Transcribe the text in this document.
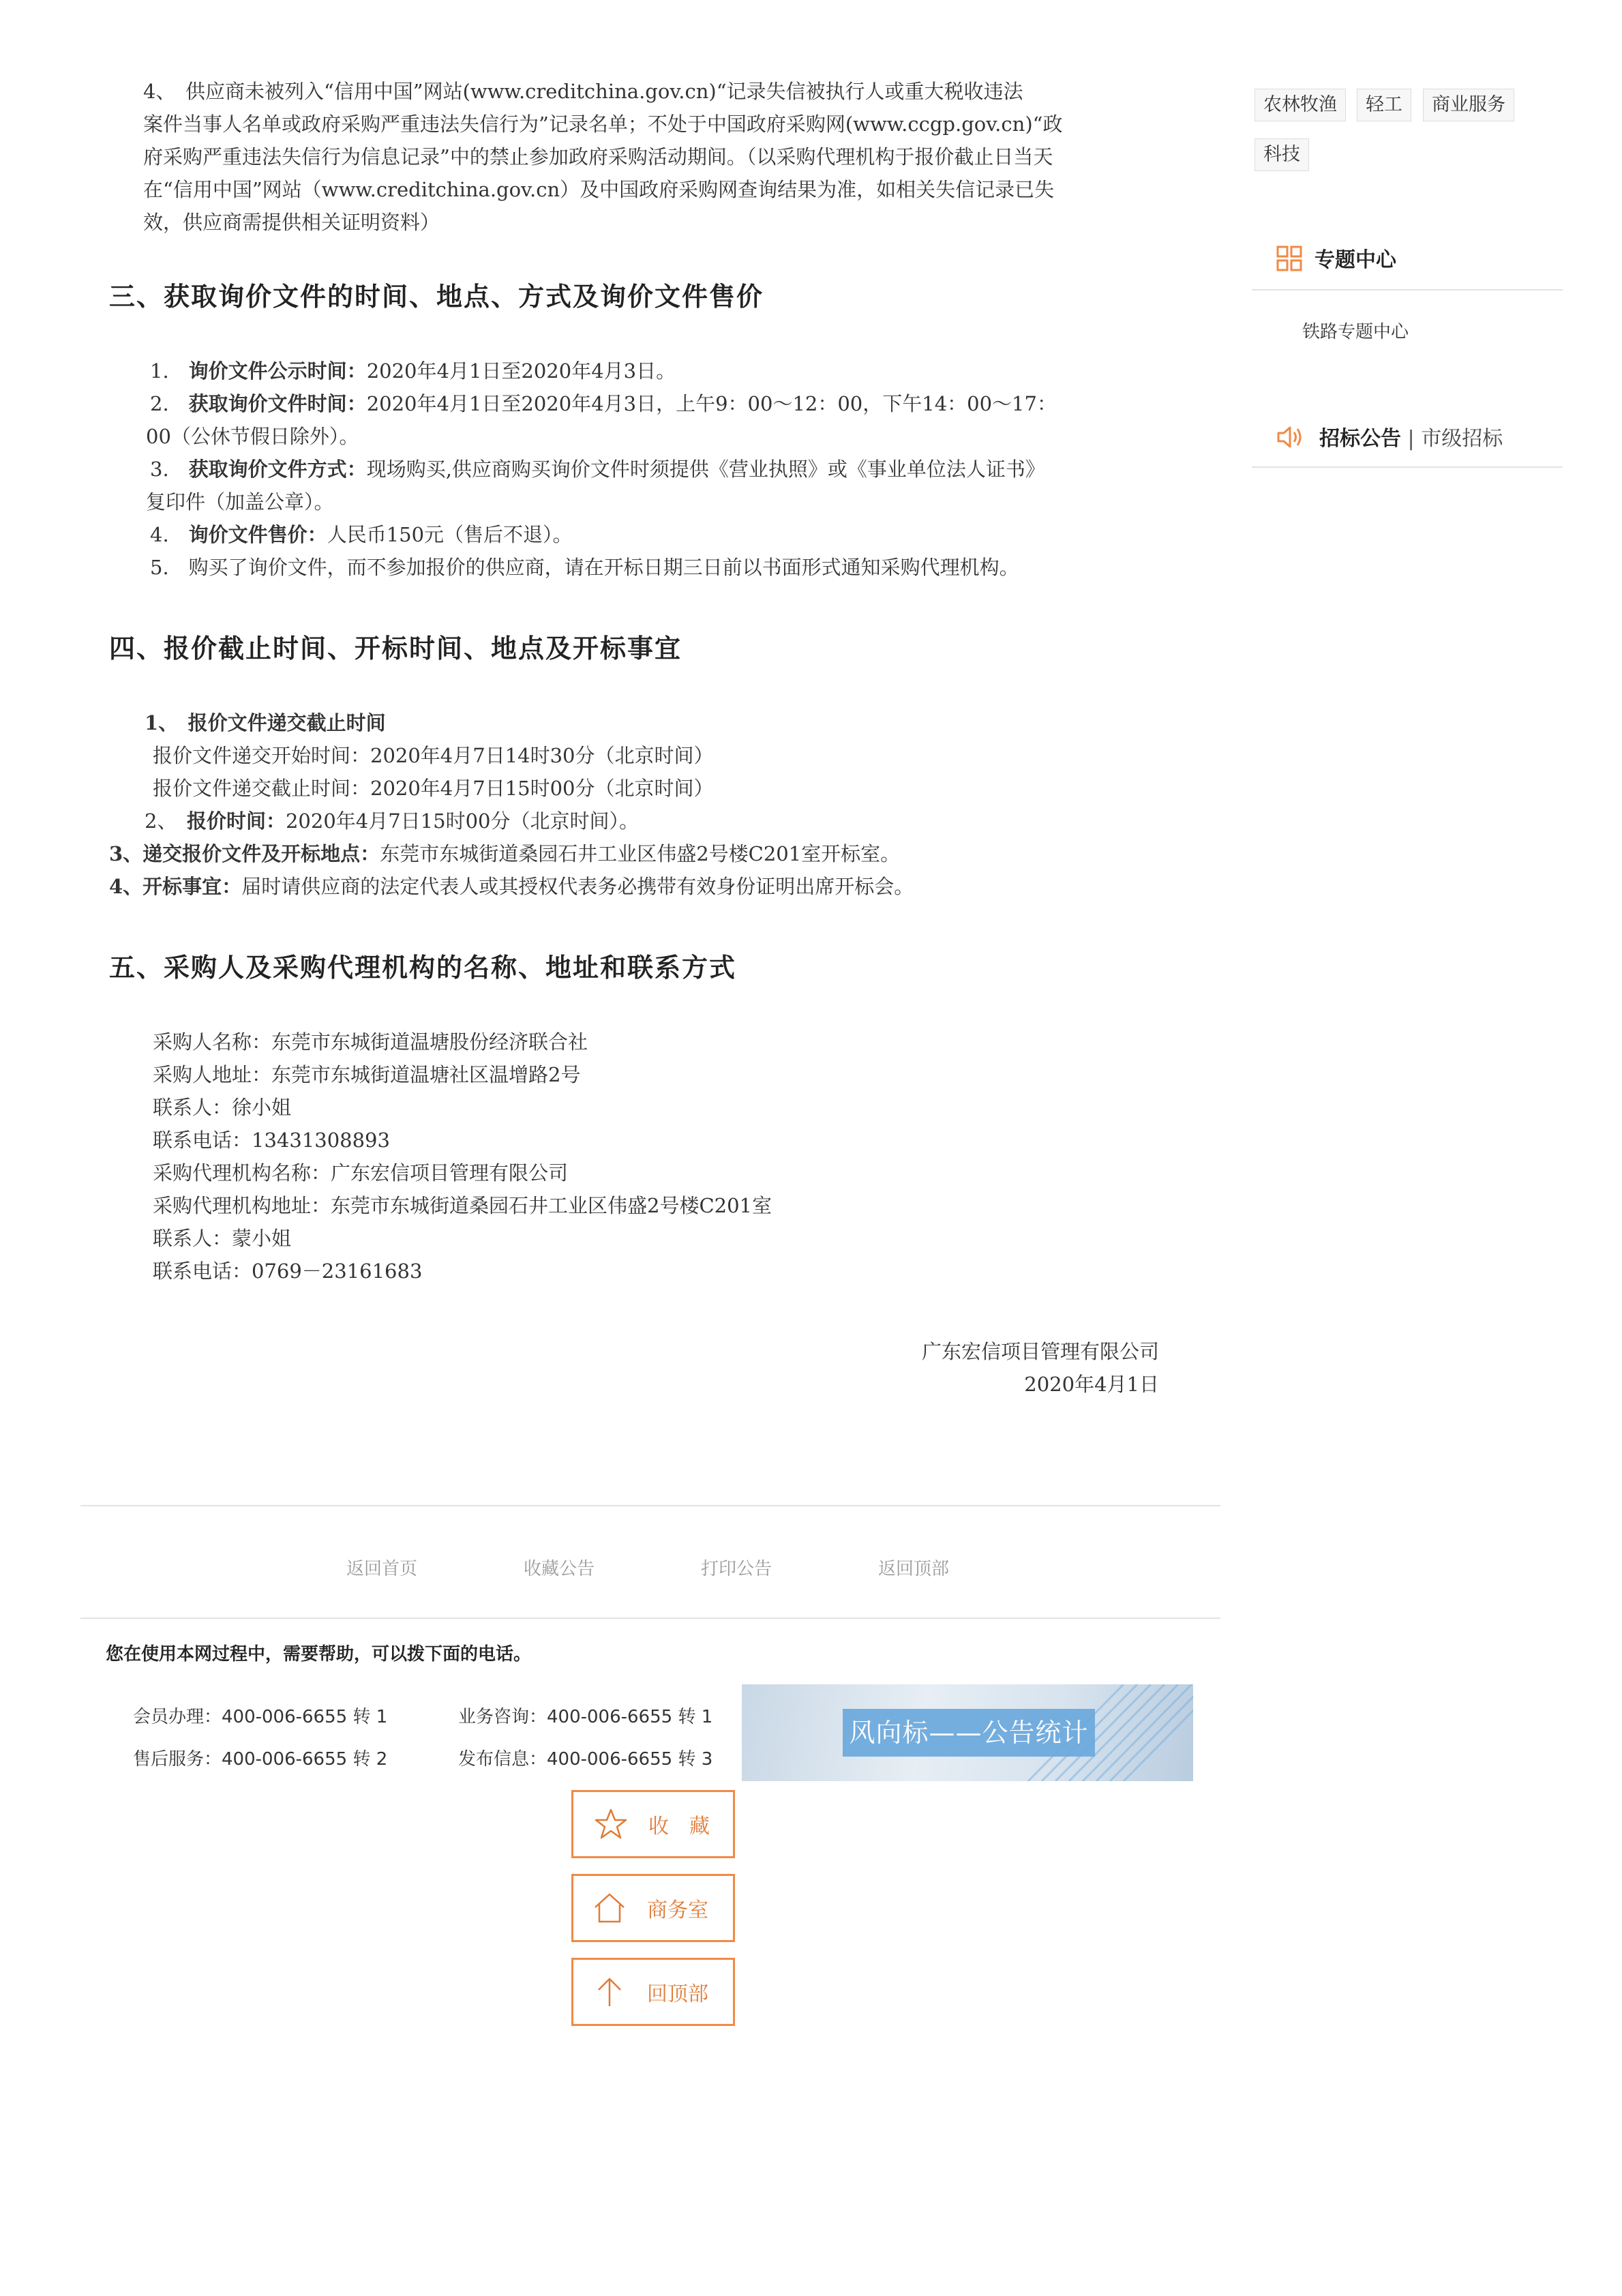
4、　供应商未被列入“信用中国”网站(www.creditchina.gov.cn)“记录失信被执行人或重大税收违法

案件当事人名单或政府采购严重违法失信行为”记录名单；不处于中国政府采购网(www.ccgp.gov.cn)“政

府采购严重违法失信行为信息记录”中的禁止参加政府采购活动期间。（以采购代理机构于报价截止日当天

在“信用中国”网站（www.creditchina.gov.cn）及中国政府采购网查询结果为准，如相关失信记录已失

效，供应商需提供相关证明资料）

三、获取询价文件的时间、地点、方式及询价文件售价

1.　询价文件公示时间：2020年4月1日至2020年4月3日。

2.　获取询价文件时间：2020年4月1日至2020年4月3日，上午9：00～12：00，下午14：00～17：

00（公休节假日除外）。

3.　获取询价文件方式：现场购买,供应商购买询价文件时须提供《营业执照》或《事业单位法人证书》

复印件（加盖公章）。

4.　询价文件售价：人民币150元（售后不退）。

5.　购买了询价文件，而不参加报价的供应商，请在开标日期三日前以书面形式通知采购代理机构。

四、报价截止时间、开标时间、地点及开标事宜

1、　报价文件递交截止时间

报价文件递交开始时间：2020年4月7日14时30分（北京时间）

报价文件递交截止时间：2020年4月7日15时00分（北京时间）

2、　报价时间：2020年4月7日15时00分（北京时间）。

3、递交报价文件及开标地点：东莞市东城街道桑园石井工业区伟盛2号楼C201室开标室。

4、开标事宜：届时请供应商的法定代表人或其授权代表务必携带有效身份证明出席开标会。

五、采购人及采购代理机构的名称、地址和联系方式

采购人名称：东莞市东城街道温塘股份经济联合社

采购人地址：东莞市东城街道温塘社区温增路2号

联系人：徐小姐

联系电话：13431308893

采购代理机构名称：广东宏信项目管理有限公司

采购代理机构地址：东莞市东城街道桑园石井工业区伟盛2号楼C201室

联系人：蒙小姐

联系电话：0769－23161683

广东宏信项目管理有限公司

2020年4月1日

返回首页	收藏公告	打印公告	返回顶部
您在使用本网过程中，需要帮助，可以拨下面的电话。
会员办理：400-006-6655 转 1	业务咨询：400-006-6655 转 1
售后服务：400-006-6655 转 2	发布信息：400-006-6655 转 3
风向标——公告统计
收　藏
商务室
回顶部
农林牧渔	轻工	商业服务
科技
专题中心
铁路专题中心
招标公告 | 市级招标
